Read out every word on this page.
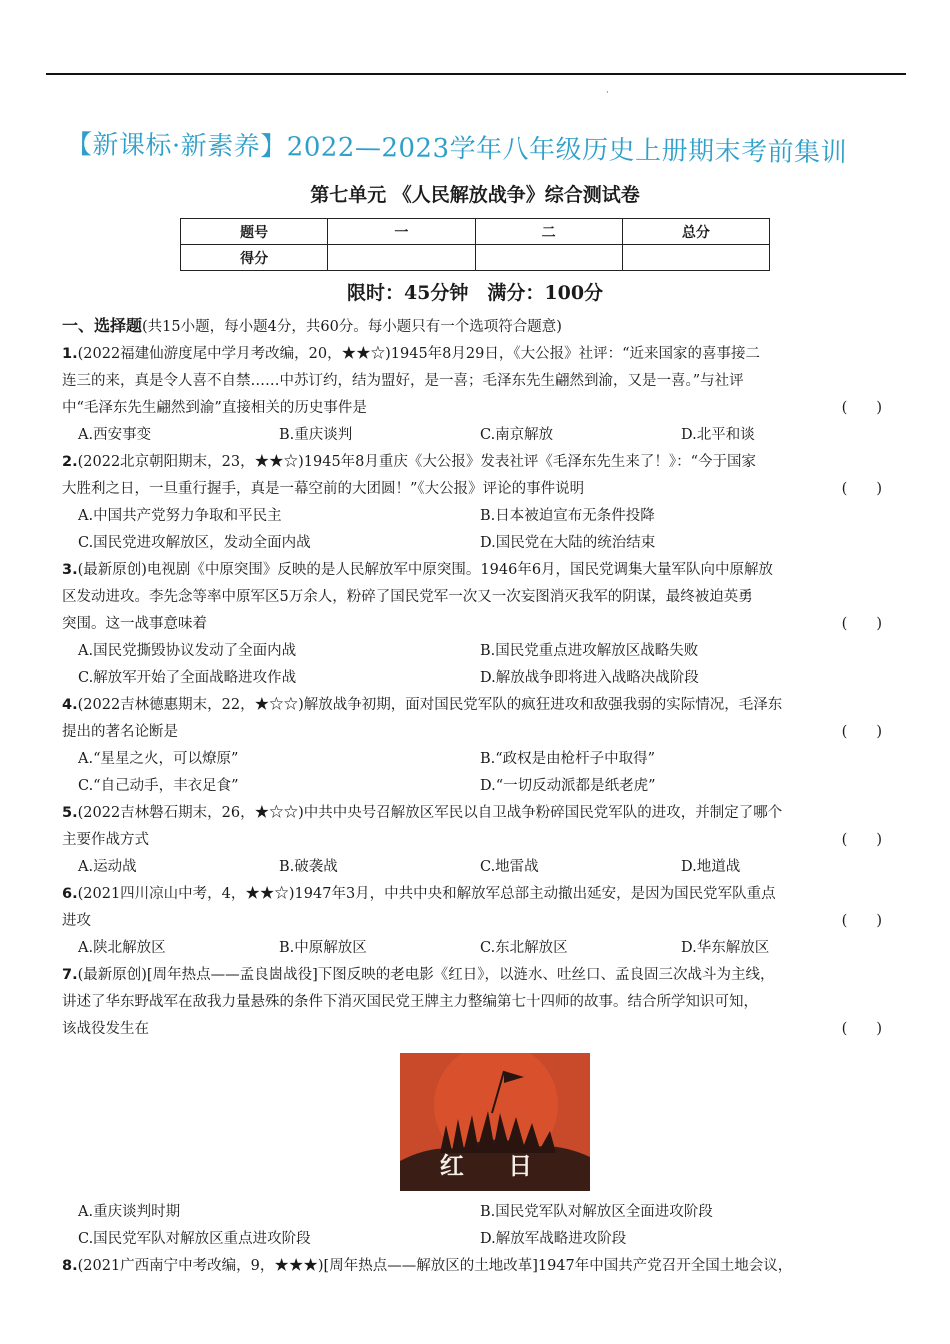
·
【新课标·新素养】2022—2023学年八年级历史上册期末考前集训
第七单元 《人民解放战争》综合测试卷
题号	一	二	总分
得分			
限时：45分钟　满分：100分
一、选择题(共15小题，每小题4分，共60分。每小题只有一个选项符合题意)
1.(2022福建仙游度尾中学月考改编，20，★★☆)1945年8月29日，《大公报》社评：“近来国家的喜事接二
连三的来，真是令人喜不自禁……中苏订约，结为盟好，是一喜；毛泽东先生翩然到渝，又是一喜。”与社评
中“毛泽东先生翩然到渝”直接相关的历史事件是	(　　)
A.西安事变	B.重庆谈判	C.南京解放	D.北平和谈
2.(2022北京朝阳期末，23，★★☆)1945年8月重庆《大公报》发表社评《毛泽东先生来了！》：“今于国家
大胜利之日，一旦重行握手，真是一幕空前的大团圆！”《大公报》评论的事件说明	(　　)
A.中国共产党努力争取和平民主	B.日本被迫宣布无条件投降
C.国民党进攻解放区，发动全面内战	D.国民党在大陆的统治结束
3.(最新原创)电视剧《中原突围》反映的是人民解放军中原突围。1946年6月，国民党调集大量军队向中原解放
区发动进攻。李先念等率中原军区5万余人，粉碎了国民党军一次又一次妄图消灭我军的阴谋，最终被迫英勇
突围。这一战事意味着	(　　)
A.国民党撕毁协议发动了全面内战	B.国民党重点进攻解放区战略失败
C.解放军开始了全面战略进攻作战	D.解放战争即将进入战略决战阶段
4.(2022吉林德惠期末，22，★☆☆)解放战争初期，面对国民党军队的疯狂进攻和敌强我弱的实际情况，毛泽东
提出的著名论断是	(　　)
A.“星星之火，可以燎原”	B.“政权是由枪杆子中取得”
C.“自己动手，丰衣足食”	D.“一切反动派都是纸老虎”
5.(2022吉林磐石期末，26，★☆☆)中共中央号召解放区军民以自卫战争粉碎国民党军队的进攻，并制定了哪个
主要作战方式	(　　)
A.运动战	B.破袭战	C.地雷战	D.地道战
6.(2021四川凉山中考，4，★★☆)1947年3月，中共中央和解放军总部主动撤出延安，是因为国民党军队重点
进攻	(　　)
A.陕北解放区	B.中原解放区	C.东北解放区	D.华东解放区
7.(最新原创)[周年热点——孟良崮战役]下图反映的老电影《红日》，以涟水、吐丝口、孟良固三次战斗为主线，
讲述了华东野战军在敌我力量悬殊的条件下消灭国民党王牌主力整编第七十四师的故事。结合所学知识可知，
该战役发生在	(　　)
红 日
A.重庆谈判时期	B.国民党军队对解放区全面进攻阶段
C.国民党军队对解放区重点进攻阶段	D.解放军战略进攻阶段
8.(2021广西南宁中考改编，9，★★★)[周年热点——解放区的土地改革]1947年中国共产党召开全国土地会议，
